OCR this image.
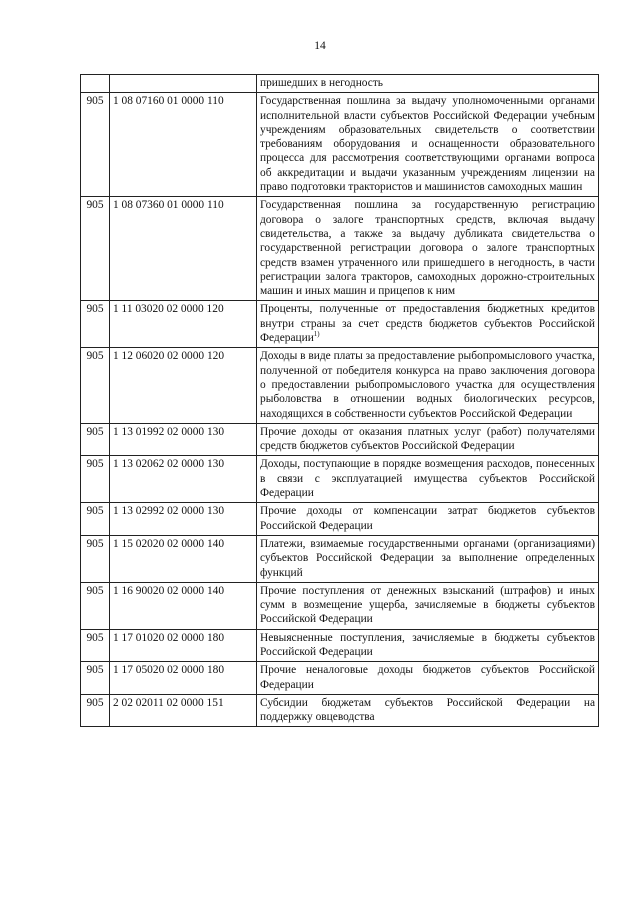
14
		пришедших в негодность
905	1 08 07160 01 0000 110	Государственная пошлина за выдачу уполномоченными органами исполнительной власти субъектов Российской Федерации учебным учреждениям образовательных свидетельств о соответствии требованиям оборудования и оснащенности образовательного процесса для рассмотрения соответствующими органами вопроса об аккредитации и выдачи указанным учреждениям лицензии на право подготовки трактористов и машинистов самоходных машин
905	1 08 07360 01 0000 110	Государственная пошлина за государственную регистрацию договора о залоге транспортных средств, включая выдачу свидетельства, а также за выдачу дубликата свидетельства о государственной регистрации договора о залоге транспортных средств взамен утраченного или пришедшего в негодность, в части регистрации залога тракторов, самоходных дорожно-строительных машин и иных машин и прицепов к ним
905	1 11 03020 02 0000 120	Проценты, полученные от предоставления бюджетных кредитов внутри страны за счет средств бюджетов субъектов Российской Федерации$^{1)}$
905	1 12 06020 02 0000 120	Доходы в виде платы за предоставление рыбопромыслового участка, полученной от победителя конкурса на право заключения договора о предоставлении рыбопромыслового участка для осуществления рыболовства в отношении водных биологических ресурсов, находящихся в собственности субъектов Российской Федерации
905	1 13 01992 02 0000 130	Прочие доходы от оказания платных услуг (работ) получателями средств бюджетов субъектов Российской Федерации
905	1 13 02062 02 0000 130	Доходы, поступающие в порядке возмещения расходов, понесенных в связи с эксплуатацией имущества субъектов Российской Федерации
905	1 13 02992 02 0000 130	Прочие доходы от компенсации затрат бюджетов субъектов Российской Федерации
905	1 15 02020 02 0000 140	Платежи, взимаемые государственными органами (организациями) субъектов Российской Федерации за выполнение определенных функций
905	1 16 90020 02 0000 140	Прочие поступления от денежных взысканий (штрафов) и иных сумм в возмещение ущерба, зачисляемые в бюджеты субъектов Российской Федерации
905	1 17 01020 02 0000 180	Невыясненные поступления, зачисляемые в бюджеты субъектов Российской Федерации
905	1 17 05020 02 0000 180	Прочие неналоговые доходы бюджетов субъектов Российской Федерации
905	2 02 02011 02 0000 151	Субсидии бюджетам субъектов Российской Федерации на поддержку овцеводства
